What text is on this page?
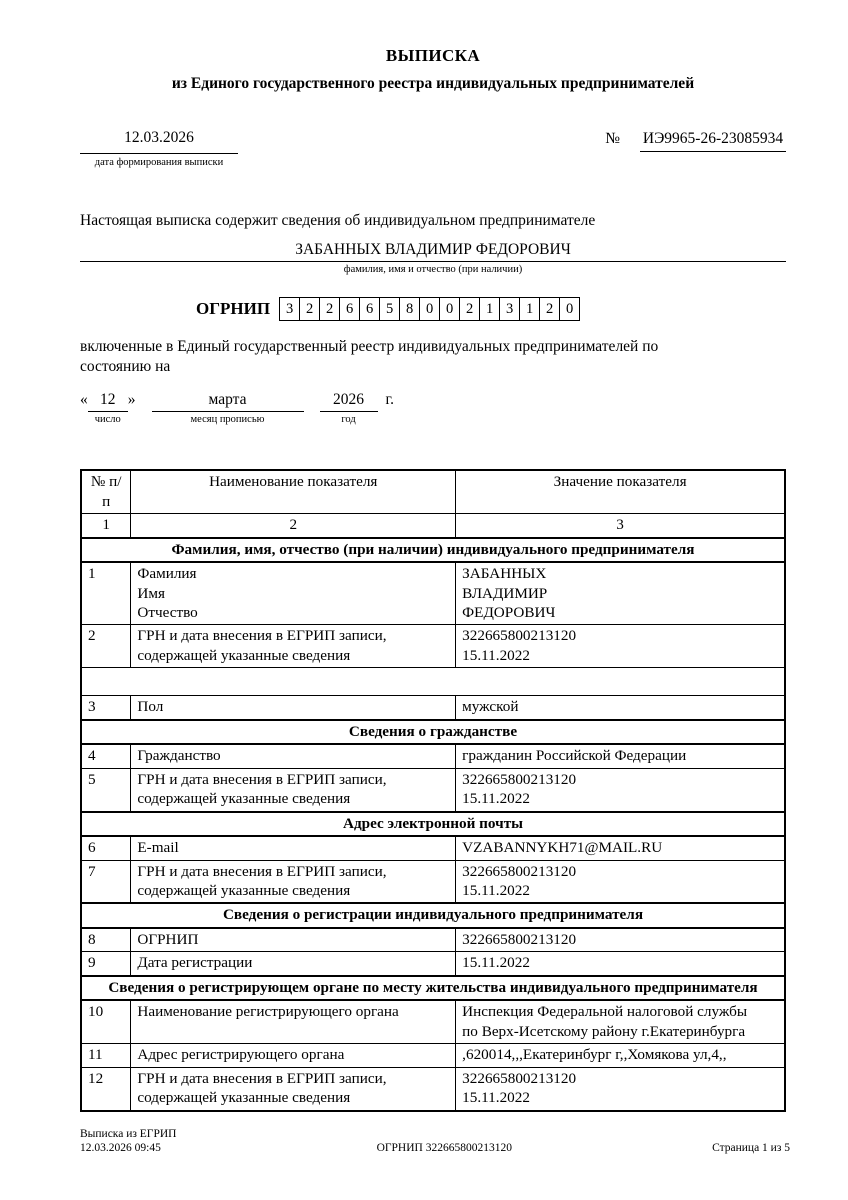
ВЫПИСКА
из Единого государственного реестра индивидуальных предпринимателей
12.03.2026
дата формирования выписки
№ ИЭ9965-26-23085934
Настоящая выписка содержит сведения об индивидуальном предпринимателе
ЗАБАННЫХ ВЛАДИМИР ФЕДОРОВИЧ
фамилия, имя и отчество (при наличии)
ОГРНИП	3 2 2 6 6 5 8 0 0 2 1 3 1 2 0
включенные в Единый государственный реестр индивидуальных предпринимателей по
состоянию на
« 12
число
»	марта
месяц прописью
2026
год
г.
№ п/п	Наименование показателя	Значение показателя
1	2	3
Фамилия, имя, отчество (при наличии) индивидуального предпринимателя		
1	Фамилия
Имя
Отчество	ЗАБАННЫХ
ВЛАДИМИР
ФЕДОРОВИЧ
2	ГРН и дата внесения в ЕГРИП записи,
содержащей указанные сведения	322665800213120
15.11.2022

3	Пол	мужской
Сведения о гражданстве		
4	Гражданство	гражданин Российской Федерации
5	ГРН и дата внесения в ЕГРИП записи,
содержащей указанные сведения	322665800213120
15.11.2022
Адрес электронной почты		
6	E-mail	VZABANNYKH71@MAIL.RU
7	ГРН и дата внесения в ЕГРИП записи,
содержащей указанные сведения	322665800213120
15.11.2022
Сведения о регистрации индивидуального предпринимателя		
8	ОГРНИП	322665800213120
9	Дата регистрации	15.11.2022
Сведения о регистрирующем органе по месту жительства индивидуального предпринимателя		
10	Наименование регистрирующего органа	Инспекция Федеральной налоговой службы
по Верх-Исетскому району г.Екатеринбурга
11	Адрес регистрирующего органа	,620014,,,Екатеринбург г,,Хомякова ул,4,,
12	ГРН и дата внесения в ЕГРИП записи,
содержащей указанные сведения	322665800213120
15.11.2022
Выписка из ЕГРИП
12.03.2026 09:45	ОГРНИП 322665800213120	Страница 1 из 5
